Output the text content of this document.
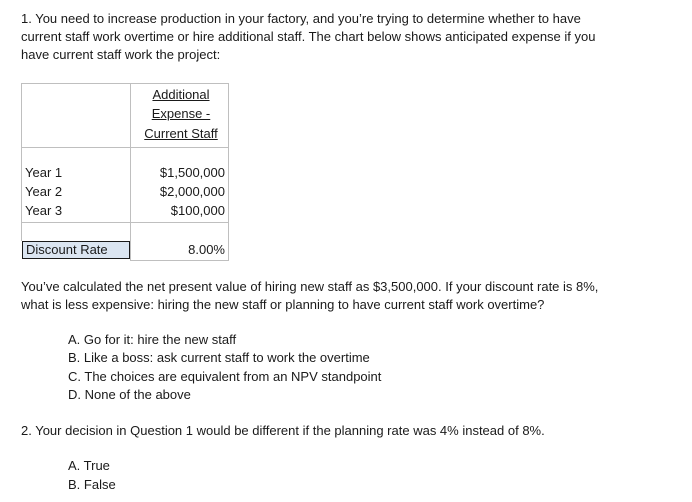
1. You need to increase production in your factory, and you’re trying to determine whether to have
current staff work overtime or hire additional staff. The chart below shows anticipated expense if you
have current staff work the project:
Additional
Expense -
Current Staff
Year 1	$1,500,000
Year 2	$2,000,000
Year 3	$100,000
Discount Rate	8.00%
You’ve calculated the net present value of hiring new staff as $3,500,000. If your discount rate is 8%,
what is less expensive: hiring the new staff or planning to have current staff work overtime?
A. Go for it: hire the new staff
B. Like a boss: ask current staff to work the overtime
C. The choices are equivalent from an NPV standpoint
D. None of the above
2. Your decision in Question 1 would be different if the planning rate was 4% instead of 8%.
A. True
B. False
